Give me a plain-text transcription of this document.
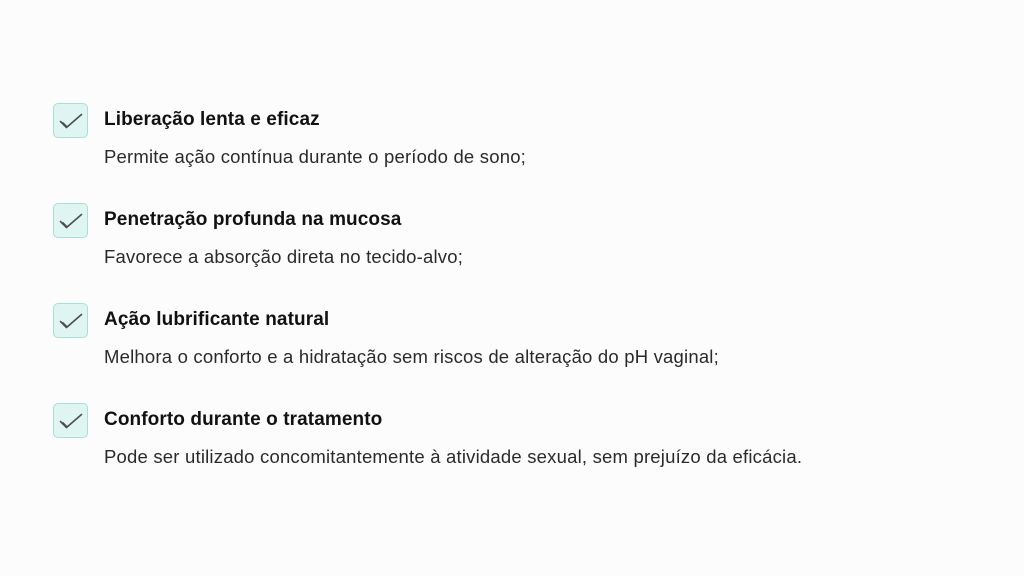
Liberação lenta e eficaz
Permite ação contínua durante o período de sono;
Penetração profunda na mucosa
Favorece a absorção direta no tecido-alvo;
Ação lubrificante natural
Melhora o conforto e a hidratação sem riscos de alteração do pH vaginal;
Conforto durante o tratamento
Pode ser utilizado concomitantemente à atividade sexual, sem prejuízo da eficácia.
